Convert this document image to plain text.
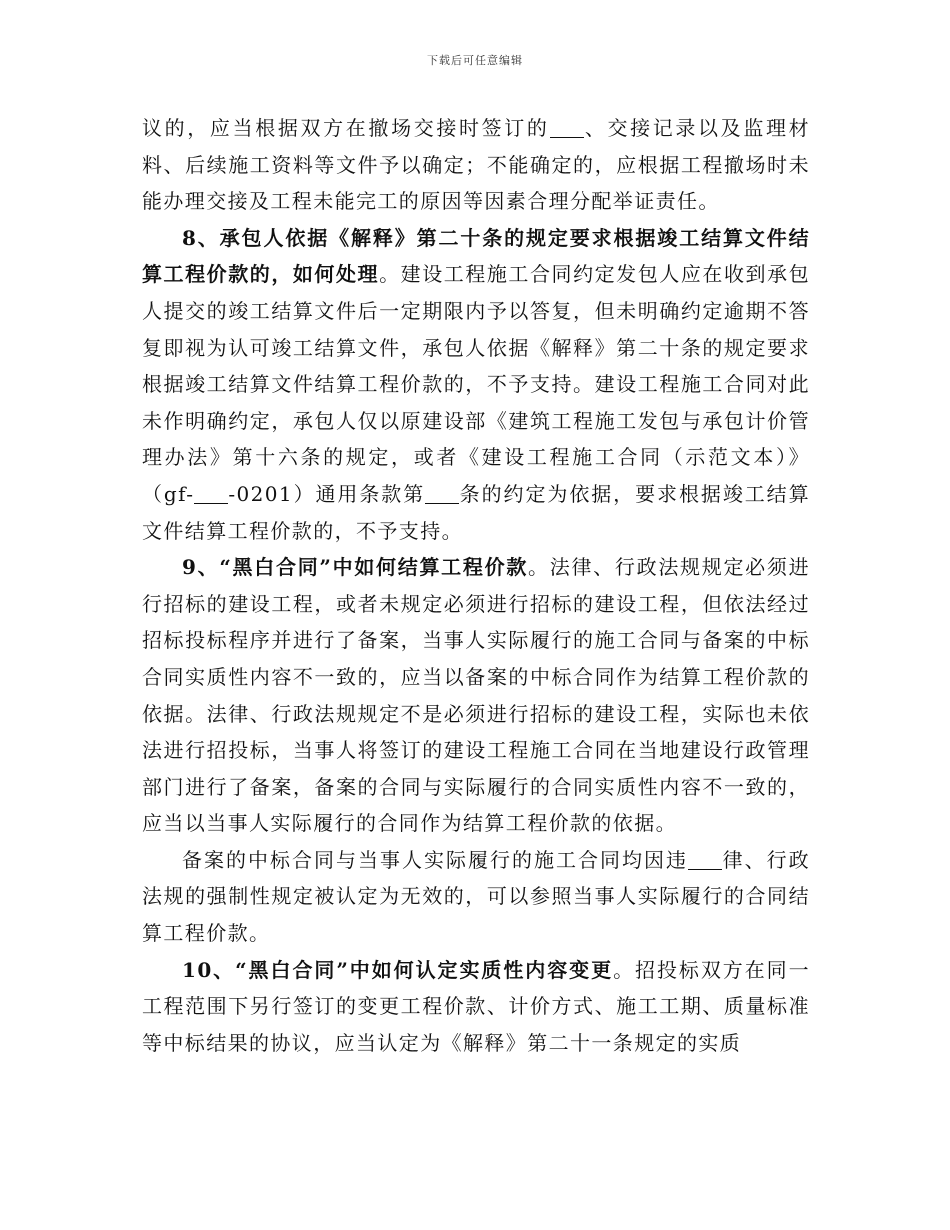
下载后可任意编辑

议的，应当根据双方在撤场交接时签订的 、交接记录以及监理材料、后续施工资料等文件予以确定；不能确定的，应根据工程撤场时未能办理交接及工程未能完工的原因等因素合理分配举证责任。

8、承包人依据《解释》第二十条的规定要求根据竣工结算文件结算工程价款的，如何处理。建设工程施工合同约定发包人应在收到承包人提交的竣工结算文件后一定期限内予以答复，但未明确约定逾期不答复即视为认可竣工结算文件，承包人依据《解释》第二十条的规定要求根据竣工结算文件结算工程价款的，不予支持。建设工程施工合同对此未作明确约定，承包人仅以原建设部《建筑工程施工发包与承包计价管理办法》第十六条的规定，或者《建设工程施工合同（示范文本）》（gf- -0201）通用条款第 条的约定为依据，要求根据竣工结算文件结算工程价款的，不予支持。

9、“黑白合同”中如何结算工程价款。法律、行政法规规定必须进行招标的建设工程，或者未规定必须进行招标的建设工程，但依法经过招标投标程序并进行了备案，当事人实际履行的施工合同与备案的中标合同实质性内容不一致的，应当以备案的中标合同作为结算工程价款的依据。法律、行政法规规定不是必须进行招标的建设工程，实际也未依法进行招投标，当事人将签订的建设工程施工合同在当地建设行政管理部门进行了备案，备案的合同与实际履行的合同实质性内容不一致的，应当以当事人实际履行的合同作为结算工程价款的依据。

备案的中标合同与当事人实际履行的施工合同均因违 律、行政法规的强制性规定被认定为无效的，可以参照当事人实际履行的合同结算工程价款。

10、“黑白合同”中如何认定实质性内容变更。招投标双方在同一工程范围下另行签订的变更工程价款、计价方式、施工工期、质量标准等中标结果的协议，应当认定为《解释》第二十一条规定的实质
